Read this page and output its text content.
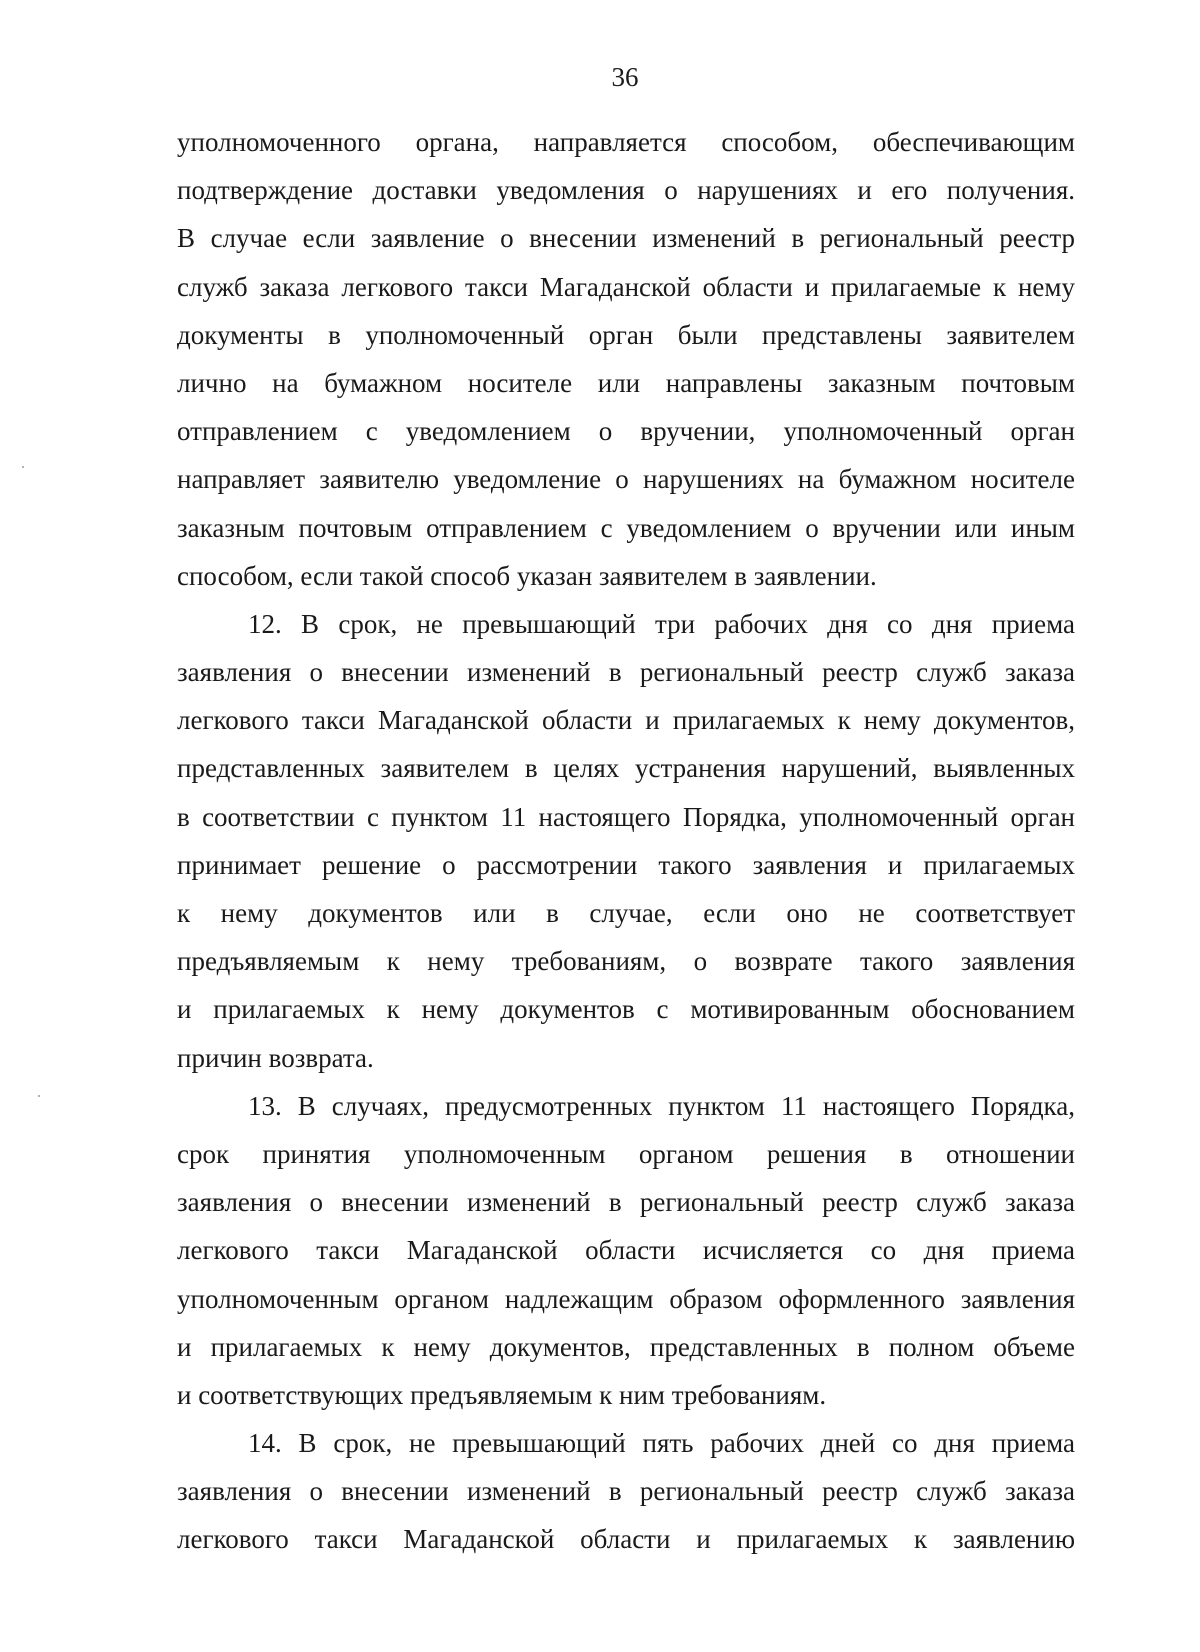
36
уполномоченного органа, направляется способом, обеспечивающим
подтверждение доставки уведомления о нарушениях и его получения.
В случае если заявление о внесении изменений в региональный реестр
служб заказа легкового такси Магаданской области и прилагаемые к нему
документы в уполномоченный орган были представлены заявителем
лично на бумажном носителе или направлены заказным почтовым
отправлением с уведомлением о вручении, уполномоченный орган
направляет заявителю уведомление о нарушениях на бумажном носителе
заказным почтовым отправлением с уведомлением о вручении или иным
способом, если такой способ указан заявителем в заявлении.
12. В срок, не превышающий три рабочих дня со дня приема
заявления о внесении изменений в региональный реестр служб заказа
легкового такси Магаданской области и прилагаемых к нему документов,
представленных заявителем в целях устранения нарушений, выявленных
в соответствии с пунктом 11 настоящего Порядка, уполномоченный орган
принимает решение о рассмотрении такого заявления и прилагаемых
к нему документов или в случае, если оно не соответствует
предъявляемым к нему требованиям, о возврате такого заявления
и прилагаемых к нему документов с мотивированным обоснованием
причин возврата.
13. В случаях, предусмотренных пунктом 11 настоящего Порядка,
срок принятия уполномоченным органом решения в отношении
заявления о внесении изменений в региональный реестр служб заказа
легкового такси Магаданской области исчисляется со дня приема
уполномоченным органом надлежащим образом оформленного заявления
и прилагаемых к нему документов, представленных в полном объеме
и соответствующих предъявляемым к ним требованиям.
14. В срок, не превышающий пять рабочих дней со дня приема
заявления о внесении изменений в региональный реестр служб заказа
легкового такси Магаданской области и прилагаемых к заявлению
